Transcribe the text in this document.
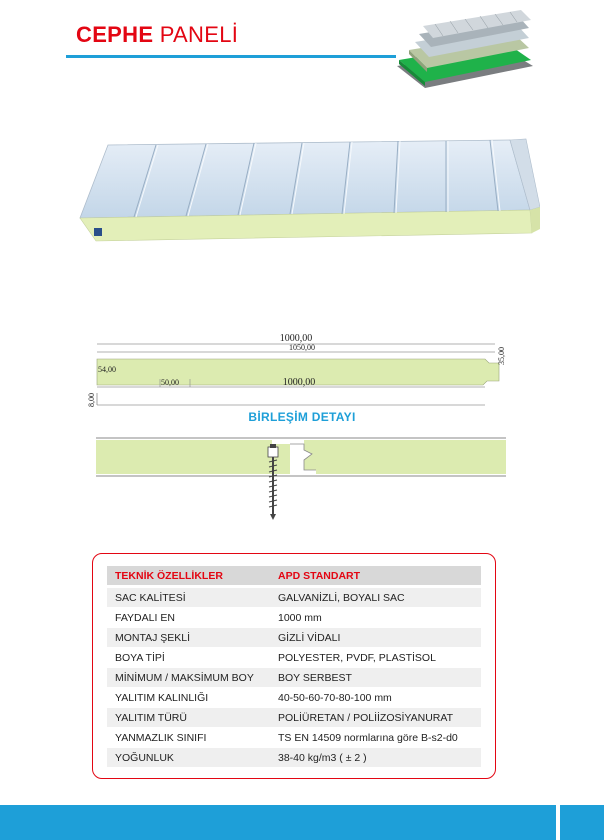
CEPHE PANELİ
1000,00
1050,00
54,00
50,00	1000,00
35,00
8,00
BİRLEŞİM DETAYI
TEKNİK ÖZELLİKLER	APD STANDART
SAC KALİTESİ	GALVANİZLİ, BOYALI SAC
FAYDALI EN	1000 mm
MONTAJ ŞEKLİ	GİZLİ VİDALI
BOYA TİPİ	POLYESTER, PVDF, PLASTİSOL
MİNİMUM / MAKSİMUM BOY	BOY SERBEST
YALITIM KALINLIĞI	40-50-60-70-80-100 mm
YALITIM TÜRÜ	POLİÜRETAN / POLİİZOSİYANURAT
YANMAZLIK SINIFI	TS EN 14509 normlarına göre B-s2-d0
YOĞUNLUK	38-40 kg/m3 ( ± 2 )
